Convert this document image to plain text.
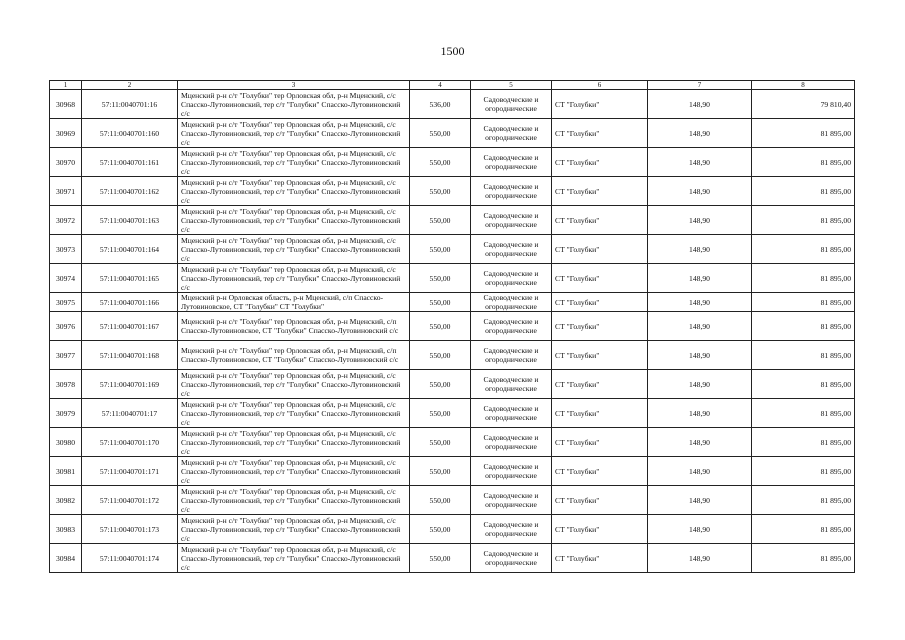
1500
1	2	3	4	5	6	7	8
30968	57:11:0040701:16	Мценский р-н с/т "Голубки" тер Орловская обл, р-н Мценский, с/с Спасско-Лутовиновский, тер с/т "Голубки" Спасско-Лутовиновский с/с	536,00	Садоводческие и огороднические	СТ "Голубки"	148,90	79 810,40
30969	57:11:0040701:160	Мценский р-н с/т "Голубки" тер Орловская обл, р-н Мценский, с/с Спасско-Лутовиновский, тер с/т "Голубки" Спасско-Лутовиновский с/с	550,00	Садоводческие и огороднические	СТ "Голубки"	148,90	81 895,00
30970	57:11:0040701:161	Мценский р-н с/т "Голубки" тер Орловская обл, р-н Мценский, с/с Спасско-Лутовиновский, тер с/т "Голубки" Спасско-Лутовиновский с/с	550,00	Садоводческие и огороднические	СТ "Голубки"	148,90	81 895,00
30971	57:11:0040701:162	Мценский р-н с/т "Голубки" тер Орловская обл, р-н Мценский, с/с Спасско-Лутовиновский, тер с/т "Голубки" Спасско-Лутовиновский с/с	550,00	Садоводческие и огороднические	СТ "Голубки"	148,90	81 895,00
30972	57:11:0040701:163	Мценский р-н с/т "Голубки" тер Орловская обл, р-н Мценский, с/с Спасско-Лутовиновский, тер с/т "Голубки" Спасско-Лутовиновский с/с	550,00	Садоводческие и огороднические	СТ "Голубки"	148,90	81 895,00
30973	57:11:0040701:164	Мценский р-н с/т "Голубки" тер Орловская обл, р-н Мценский, с/с Спасско-Лутовиновский, тер с/т "Голубки" Спасско-Лутовиновский с/с	550,00	Садоводческие и огороднические	СТ "Голубки"	148,90	81 895,00
30974	57:11:0040701:165	Мценский р-н с/т "Голубки" тер Орловская обл, р-н Мценский, с/с Спасско-Лутовиновский, тер с/т "Голубки" Спасско-Лутовиновский с/с	550,00	Садоводческие и огороднические	СТ "Голубки"	148,90	81 895,00
30975	57:11:0040701:166	Мценский р-н Орловская область, р-н Мценский, с/п Спасско-Лутовиновское, СТ "Голубки" СТ "Голубки"	550,00	Садоводческие и огороднические	СТ "Голубки"	148,90	81 895,00
30976	57:11:0040701:167	Мценский р-н с/т "Голубки" тер Орловская обл, р-н Мценский, с/п Спасско-Лутовиновское, СТ "Голубки" Спасско-Лутовиновский с/с	550,00	Садоводческие и огороднические	СТ "Голубки"	148,90	81 895,00
30977	57:11:0040701:168	Мценский р-н с/т "Голубки" тер Орловская обл, р-н Мценский, с/п Спасско-Лутовиновское, СТ "Голубки" Спасско-Лутовиновский с/с	550,00	Садоводческие и огороднические	СТ "Голубки"	148,90	81 895,00
30978	57:11:0040701:169	Мценский р-н с/т "Голубки" тер Орловская обл, р-н Мценский, с/с Спасско-Лутовиновский, тер с/т "Голубки" Спасско-Лутовиновский с/с	550,00	Садоводческие и огороднические	СТ "Голубки"	148,90	81 895,00
30979	57:11:0040701:17	Мценский р-н с/т "Голубки" тер Орловская обл, р-н Мценский, с/с Спасско-Лутовиновский, тер с/т "Голубки" Спасско-Лутовиновский с/с	550,00	Садоводческие и огороднические	СТ "Голубки"	148,90	81 895,00
30980	57:11:0040701:170	Мценский р-н с/т "Голубки" тер Орловская обл, р-н Мценский, с/с Спасско-Лутовиновский, тер с/т "Голубки" Спасско-Лутовиновский с/с	550,00	Садоводческие и огороднические	СТ "Голубки"	148,90	81 895,00
30981	57:11:0040701:171	Мценский р-н с/т "Голубки" тер Орловская обл, р-н Мценский, с/с Спасско-Лутовиновский, тер с/т "Голубки" Спасско-Лутовиновский с/с	550,00	Садоводческие и огороднические	СТ "Голубки"	148,90	81 895,00
30982	57:11:0040701:172	Мценский р-н с/т "Голубки" тер Орловская обл, р-н Мценский, с/с Спасско-Лутовиновский, тер с/т "Голубки" Спасско-Лутовиновский с/с	550,00	Садоводческие и огороднические	СТ "Голубки"	148,90	81 895,00
30983	57:11:0040701:173	Мценский р-н с/т "Голубки" тер Орловская обл, р-н Мценский, с/с Спасско-Лутовиновский, тер с/т "Голубки" Спасско-Лутовиновский с/с	550,00	Садоводческие и огороднические	СТ "Голубки"	148,90	81 895,00
30984	57:11:0040701:174	Мценский р-н с/т "Голубки" тер Орловская обл, р-н Мценский, с/с Спасско-Лутовиновский, тер с/т "Голубки" Спасско-Лутовиновский с/с	550,00	Садоводческие и огороднические	СТ "Голубки"	148,90	81 895,00
